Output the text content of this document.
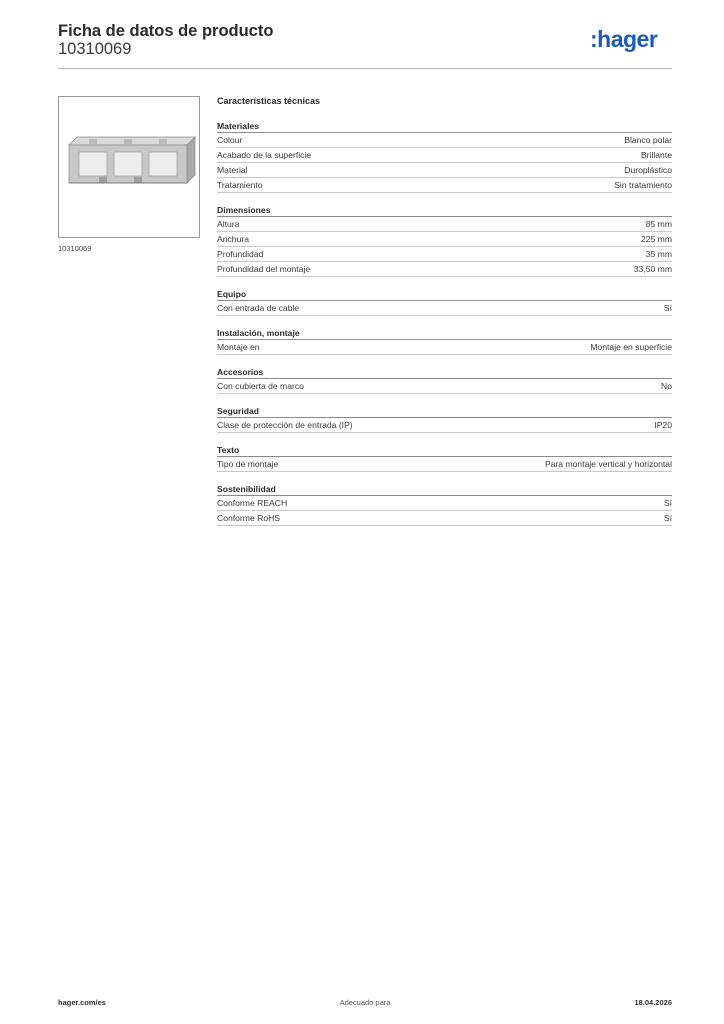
Ficha de datos de producto
10310069	:hager
10310069
Características técnicas
Materiales
Colour	Blanco polar
Acabado de la superficie	Brillante
Material	Duroplástico
Tratamiento	Sin tratamiento
Dimensiones
Altura	85 mm
Anchura	225 mm
Profundidad	35 mm
Profundidad del montaje	33,50 mm
Equipo
Con entrada de cable	Sí
Instalación, montaje
Montaje en	Montaje en superficie
Accesorios
Con cubierta de marco	No
Seguridad
Clase de protección de entrada (IP)	IP20
Texto
Tipo de montaje	Para montaje vertical y horizontal
Sostenibilidad
Conforme REACH	Sí
Conforme RoHS	Sí
hager.com/es	Adecuado para	18.04.2026
